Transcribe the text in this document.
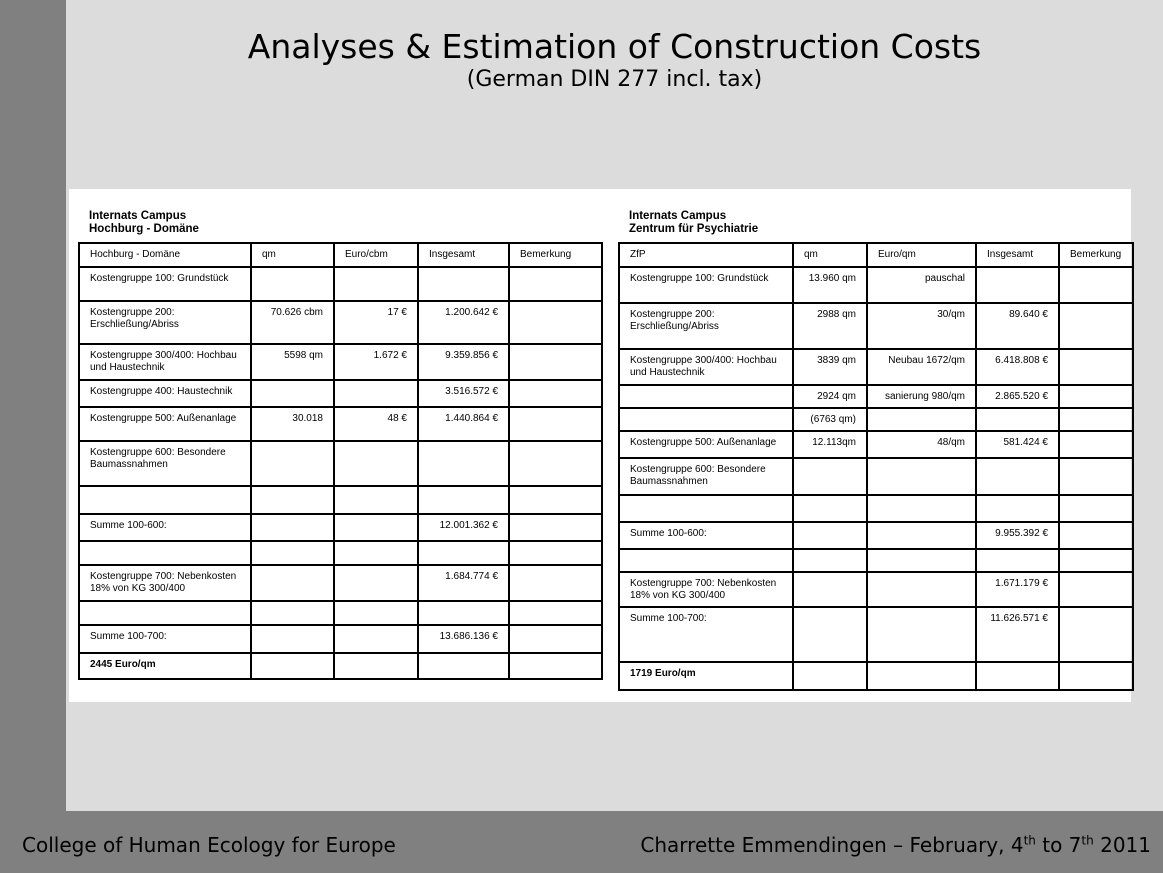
Analyses & Estimation of Construction Costs
(German DIN 277 incl. tax)
Internats Campus
Hochburg - Domäne
Hochburg - Domäne	qm	Euro/cbm	Insgesamt	Bemerkung
Kostengruppe 100: Grundstück				
Kostengruppe 200: Erschließung/Abriss	70.626 cbm	17 €	1.200.642 €	
Kostengruppe 300/400: Hochbau und Haustechnik	5598 qm	1.672 €	9.359.856 €	
Kostengruppe 400: Haustechnik			3.516.572 €	
Kostengruppe 500: Außenanlage	30.018	48 €	1.440.864 €	
Kostengruppe 600: Besondere Baumassnahmen				

Summe 100-600:			12.001.362 €	

Kostengruppe 700: Nebenkosten 18% von KG 300/400			1.684.774 €	

Summe 100-700:			13.686.136 €	
2445 Euro/qm				
Internats Campus
Zentrum für Psychiatrie
ZfP	qm	Euro/qm	Insgesamt	Bemerkung
Kostengruppe 100: Grundstück	13.960 qm	pauschal		
Kostengruppe 200: Erschließung/Abriss	2988 qm	30/qm	89.640 €	
Kostengruppe 300/400: Hochbau und Haustechnik	3839 qm	Neubau 1672/qm	6.418.808 €	
	2924 qm	sanierung 980/qm	2.865.520 €	
	(6763 qm)			
Kostengruppe 500: Außenanlage	12.113qm	48/qm	581.424 €	
Kostengruppe 600: Besondere Baumassnahmen				

Summe 100-600:			9.955.392 €	

Kostengruppe 700: Nebenkosten 18% von KG 300/400			1.671.179 €	
Summe 100-700:			11.626.571 €	
1719 Euro/qm				
College of Human Ecology for Europe	Charrette Emmendingen – February, 4th to 7th 2011
